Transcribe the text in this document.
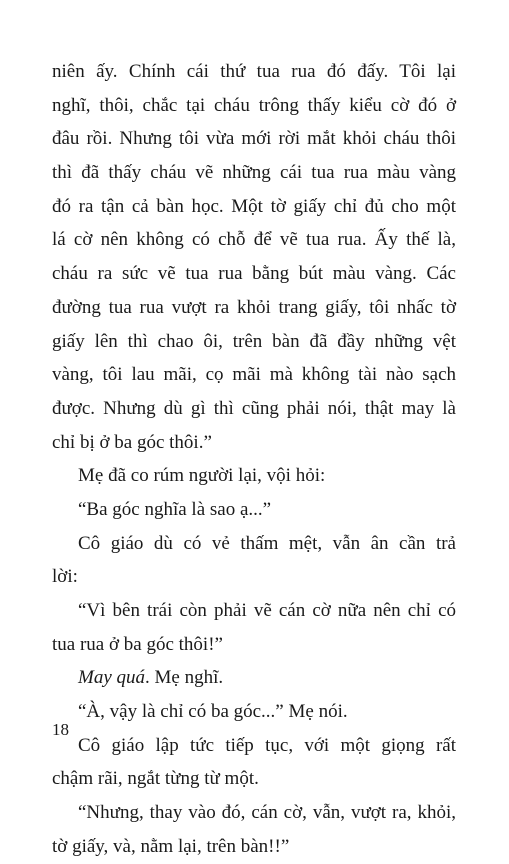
niên ấy. Chính cái thứ tua rua đó đấy. Tôi lại
nghĩ, thôi, chắc tại cháu trông thấy kiểu cờ đó ở
đâu rồi. Nhưng tôi vừa mới rời mắt khỏi cháu thôi
thì đã thấy cháu vẽ những cái tua rua màu vàng
đó ra tận cả bàn học. Một tờ giấy chỉ đủ cho một
lá cờ nên không có chỗ để vẽ tua rua. Ấy thế là,
cháu ra sức vẽ tua rua bằng bút màu vàng. Các
đường tua rua vượt ra khỏi trang giấy, tôi nhấc tờ
giấy lên thì chao ôi, trên bàn đã đầy những vệt
vàng, tôi lau mãi, cọ mãi mà không tài nào sạch
được. Nhưng dù gì thì cũng phải nói, thật may là
chỉ bị ở ba góc thôi.”
Mẹ đã co rúm người lại, vội hỏi:
“Ba góc nghĩa là sao ạ...”
Cô giáo dù có vẻ thấm mệt, vẫn ân cần trả
lời:
“Vì bên trái còn phải vẽ cán cờ nữa nên chỉ có
tua rua ở ba góc thôi!”
May quá. Mẹ nghĩ.
“À, vậy là chỉ có ba góc...” Mẹ nói.
Cô giáo lập tức tiếp tục, với một giọng rất
chậm rãi, ngắt từng từ một.
“Nhưng, thay vào đó, cán cờ, vẫn, vượt ra, khỏi,
tờ giấy, và, nằm lại, trên bàn!!”
18
